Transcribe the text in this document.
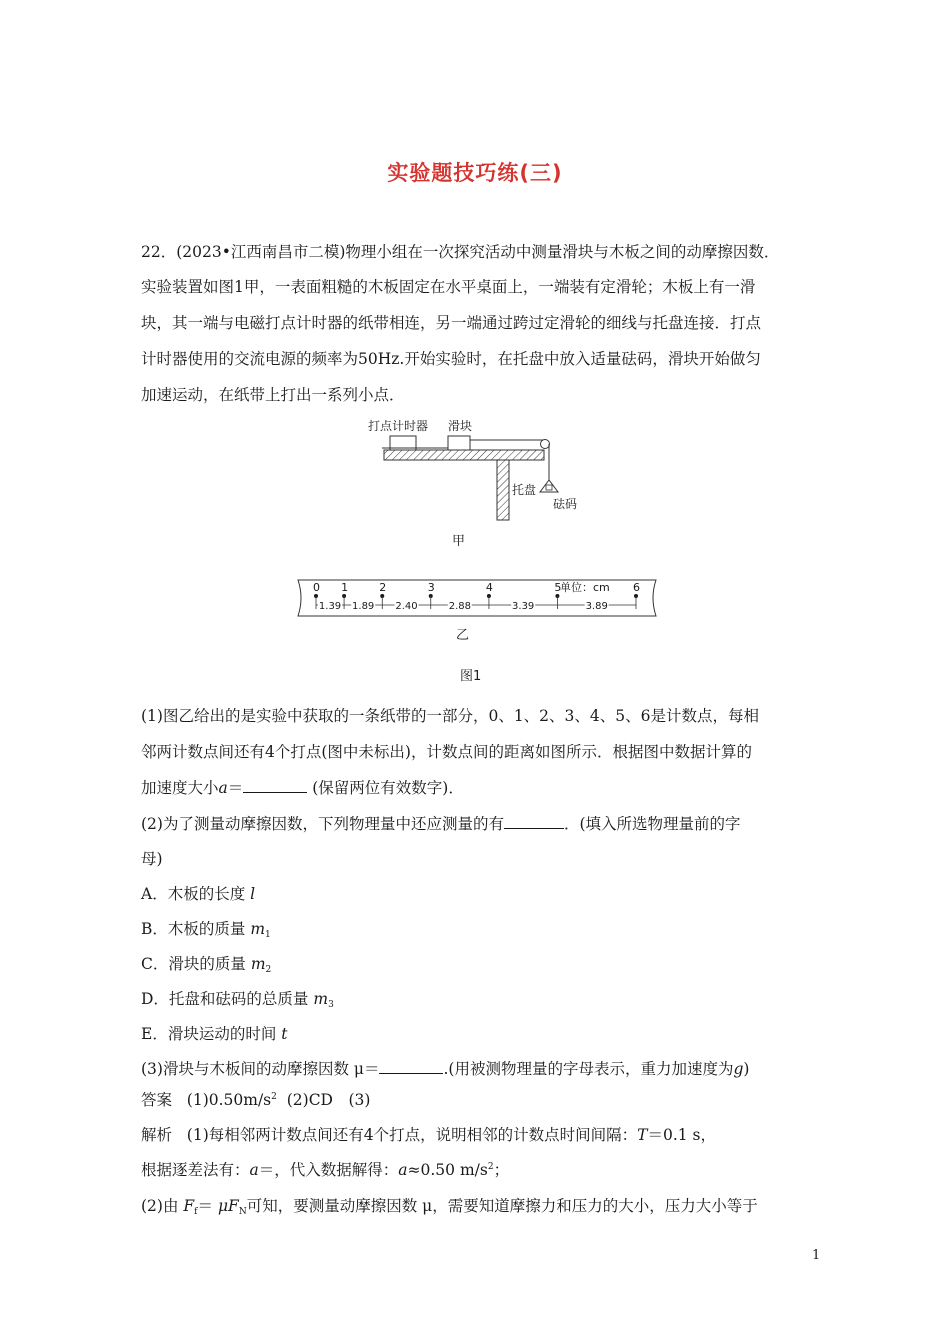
实验题技巧练(三)
22．(2023•江西南昌市二模)物理小组在一次探究活动中测量滑块与木板之间的动摩擦因数．
实验装置如图1甲，一表面粗糙的木板固定在水平桌面上，一端装有定滑轮；木板上有一滑
块，其一端与电磁打点计时器的纸带相连，另一端通过跨过定滑轮的细线与托盘连接．打点
计时器使用的交流电源的频率为50Hz.开始实验时，在托盘中放入适量砝码，滑块开始做匀
加速运动，在纸带上打出一系列小点．
打点计时器 滑块
托盘
砝码
甲
单位：cm
0 1	2	3	4	5	6
1.39 1.89 2.40	2.88	3.39	3.89
乙
图1
(1)图乙给出的是实验中获取的一条纸带的一部分，0、1、2、3、4、5、6是计数点，每相
邻两计数点间还有4个打点(图中未标出)，计数点间的距离如图所示．根据图中数据计算的
加速度大小a＝	(保留两位有效数字)．
(2)为了测量动摩擦因数，下列物理量中还应测量的有	．(填入所选物理量前的字
母)
A．木板的长度 l
B．木板的质量 $m_1$
C．滑块的质量 $m_2$
D．托盘和砝码的总质量 $m_3$
E．滑块运动的时间 t
(3)滑块与木板间的动摩擦因数 μ＝	.(用被测物理量的字母表示，重力加速度为g)
答案 $(1)0.50m/s^2$ (2)CD　(3)
解析 (1)每相邻两计数点间还有4个打点，说明相邻的计数点时间间隔：T＝0.1 s，
根据逐差法有：a＝，代入数据解得：a≈0.50 $m/s^2$；
(2)由 $F_f= \mu F_N$可知，要测量动摩擦因数 μ，需要知道摩擦力和压力的大小，压力大小等于
1
